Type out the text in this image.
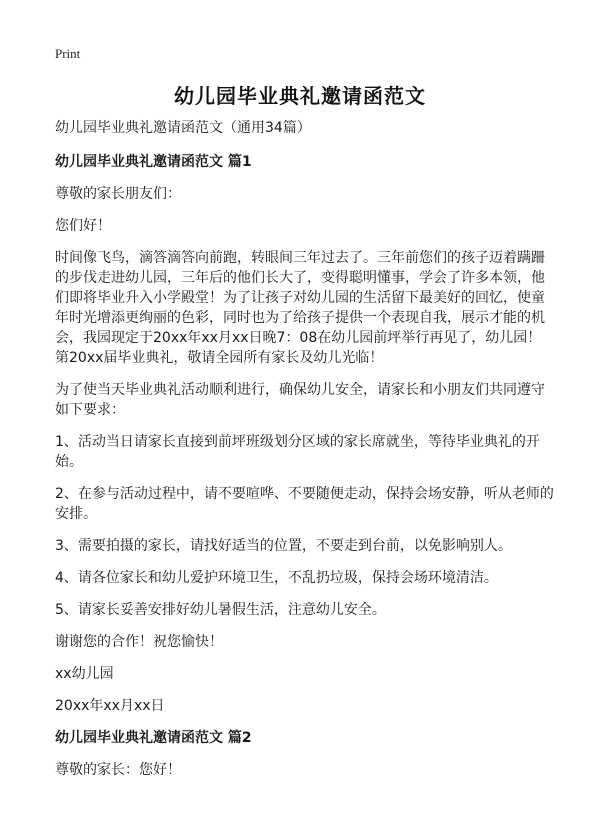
Print
幼儿园毕业典礼邀请函范文

幼儿园毕业典礼邀请函范文（通用34篇）

幼儿园毕业典礼邀请函范文 篇1

尊敬的家长朋友们：

您们好！

时间像飞鸟，滴答滴答向前跑，转眼间三年过去了。三年前您们的孩子迈着蹒跚的步伐走进幼儿园，三年后的他们长大了，变得聪明懂事，学会了许多本领，他们即将毕业升入小学殿堂！为了让孩子对幼儿园的生活留下最美好的回忆，使童年时光增添更绚丽的色彩，同时也为了给孩子提供一个表现自我，展示才能的机会，我园现定于20xx年xx月xx日晚7：08在幼儿园前坪举行再见了，幼儿园！第20xx届毕业典礼，敬请全园所有家长及幼儿光临！

为了使当天毕业典礼活动顺利进行，确保幼儿安全，请家长和小朋友们共同遵守如下要求：

1、活动当日请家长直接到前坪班级划分区域的家长席就坐，等待毕业典礼的开始。

2、在参与活动过程中，请不要喧哗、不要随便走动，保持会场安静，听从老师的安排。

3、需要拍摄的家长，请找好适当的位置，不要走到台前，以免影响别人。

4、请各位家长和幼儿爱护环境卫生，不乱扔垃圾，保持会场环境清洁。

5、请家长妥善安排好幼儿暑假生活，注意幼儿安全。

谢谢您的合作！祝您愉快！

xx幼儿园

20xx年xx月xx日

幼儿园毕业典礼邀请函范文 篇2

尊敬的家长：您好！
